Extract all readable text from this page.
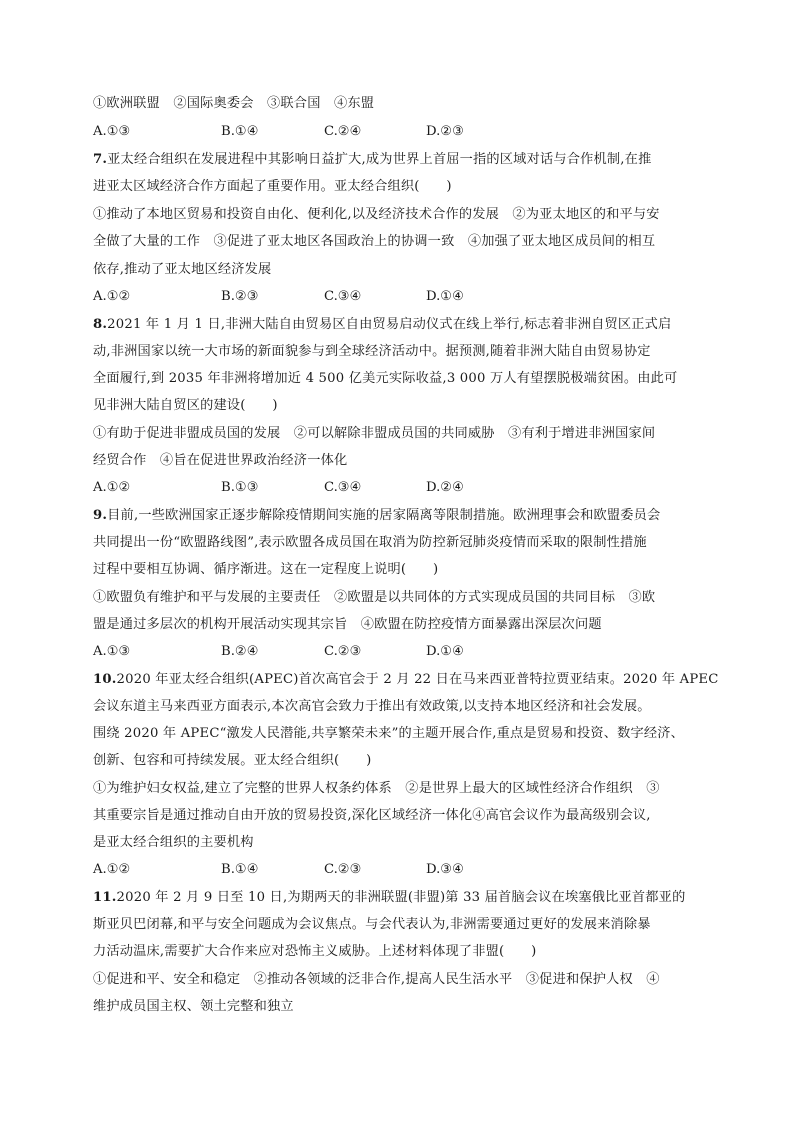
①欧洲联盟　②国际奥委会　③联合国　④东盟
A.①③	B.①④	C.②④	D.②③
7.亚太经合组织在发展进程中其影响日益扩大,成为世界上首屈一指的区域对话与合作机制,在推
进亚太区域经济合作方面起了重要作用。亚太经合组织(　　)
①推动了本地区贸易和投资自由化、便利化,以及经济技术合作的发展　②为亚太地区的和平与安
全做了大量的工作　③促进了亚太地区各国政治上的协调一致　④加强了亚太地区成员间的相互
依存,推动了亚太地区经济发展
A.①②	B.②③	C.③④	D.①④
8.2021 年 1 月 1 日,非洲大陆自由贸易区自由贸易启动仪式在线上举行,标志着非洲自贸区正式启
动,非洲国家以统一大市场的新面貌参与到全球经济活动中。据预测,随着非洲大陆自由贸易协定
全面履行,到 2035 年非洲将增加近 4 500 亿美元实际收益,3 000 万人有望摆脱极端贫困。由此可
见非洲大陆自贸区的建设(　　)
①有助于促进非盟成员国的发展　②可以解除非盟成员国的共同威胁　③有利于增进非洲国家间
经贸合作　④旨在促进世界政治经济一体化
A.①②	B.①③	C.③④	D.②④
9.目前,一些欧洲国家正逐步解除疫情期间实施的居家隔离等限制措施。欧洲理事会和欧盟委员会
共同提出一份“欧盟路线图”,表示欧盟各成员国在取消为防控新冠肺炎疫情而采取的限制性措施
过程中要相互协调、循序渐进。这在一定程度上说明(　　)
①欧盟负有维护和平与发展的主要责任　②欧盟是以共同体的方式实现成员国的共同目标　③欧
盟是通过多层次的机构开展活动实现其宗旨　④欧盟在防控疫情方面暴露出深层次问题
A.①③	B.②④	C.②③	D.①④
10.2020 年亚太经合组织(APEC)首次高官会于 2 月 22 日在马来西亚普特拉贾亚结束。2020 年 APEC
会议东道主马来西亚方面表示,本次高官会致力于推出有效政策,以支持本地区经济和社会发展。
围绕 2020 年 APEC“激发人民潜能,共享繁荣未来”的主题开展合作,重点是贸易和投资、数字经济、
创新、包容和可持续发展。亚太经合组织(　　)
①为维护妇女权益,建立了完整的世界人权条约体系　②是世界上最大的区域性经济合作组织　③
其重要宗旨是通过推动自由开放的贸易投资,深化区域经济一体化④高官会议作为最高级别会议,
是亚太经合组织的主要机构
A.①②	B.①④	C.②③	D.③④
11.2020 年 2 月 9 日至 10 日,为期两天的非洲联盟(非盟)第 33 届首脑会议在埃塞俄比亚首都亚的
斯亚贝巴闭幕,和平与安全问题成为会议焦点。与会代表认为,非洲需要通过更好的发展来消除暴
力活动温床,需要扩大合作来应对恐怖主义威胁。上述材料体现了非盟(　　)
①促进和平、安全和稳定　②推动各领域的泛非合作,提高人民生活水平　③促进和保护人权　④
维护成员国主权、领土完整和独立
